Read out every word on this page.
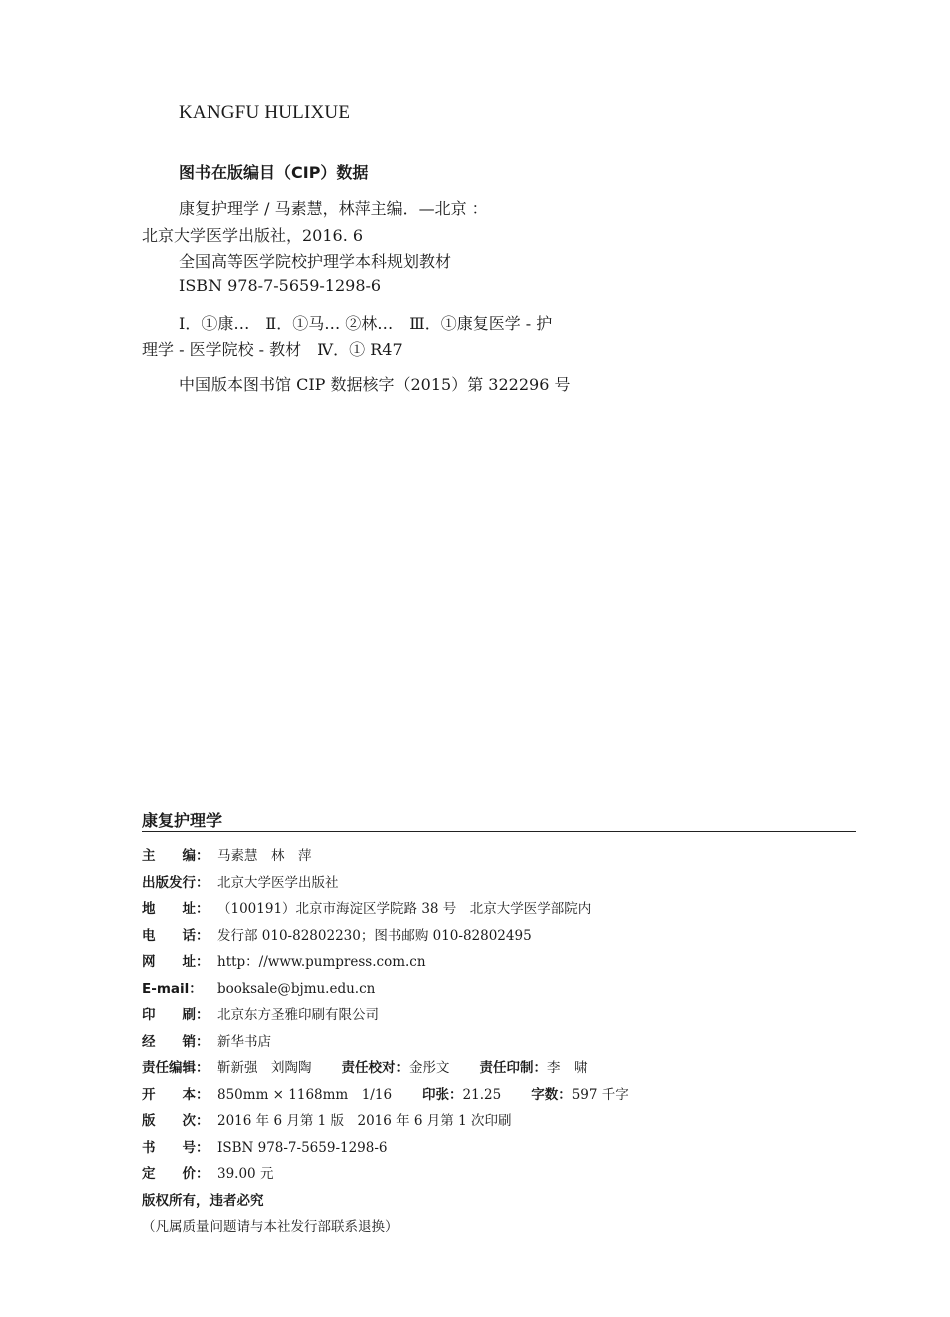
KANGFU HULIXUE
图书在版编目（CIP）数据
康复护理学 / 马素慧，林萍主编．—北京 ：
北京大学医学出版社，2016. 6
全国高等医学院校护理学本科规划教材
ISBN 978-7-5659-1298-6
Ⅰ．①康…　Ⅱ．①马… ②林…　Ⅲ．①康复医学 - 护
理学 - 医学院校 - 教材　Ⅳ．① R47
中国版本图书馆 CIP 数据核字（2015）第 322296 号
康复护理学
主　　编： 马素慧　林　萍
出版发行： 北京大学医学出版社
地　　址： （100191）北京市海淀区学院路 38 号　北京大学医学部院内
电　　话： 发行部 010-82802230；图书邮购 010-82802495
网　　址： http：//www.pumpress.com.cn
E-mail： booksale@bjmu.edu.cn
印　　刷： 北京东方圣雅印刷有限公司
经　　销： 新华书店
责任编辑： 靳新强　刘陶陶 责任校对：金彤文 责任印制：李　啸
开　　本： 850mm × 1168mm　1/16 印张：21.25 字数：597 千字
版　　次： 2016 年 6 月第 1 版　2016 年 6 月第 1 次印刷
书　　号： ISBN 978-7-5659-1298-6
定　　价： 39.00 元
版权所有，违者必究
（凡属质量问题请与本社发行部联系退换）
